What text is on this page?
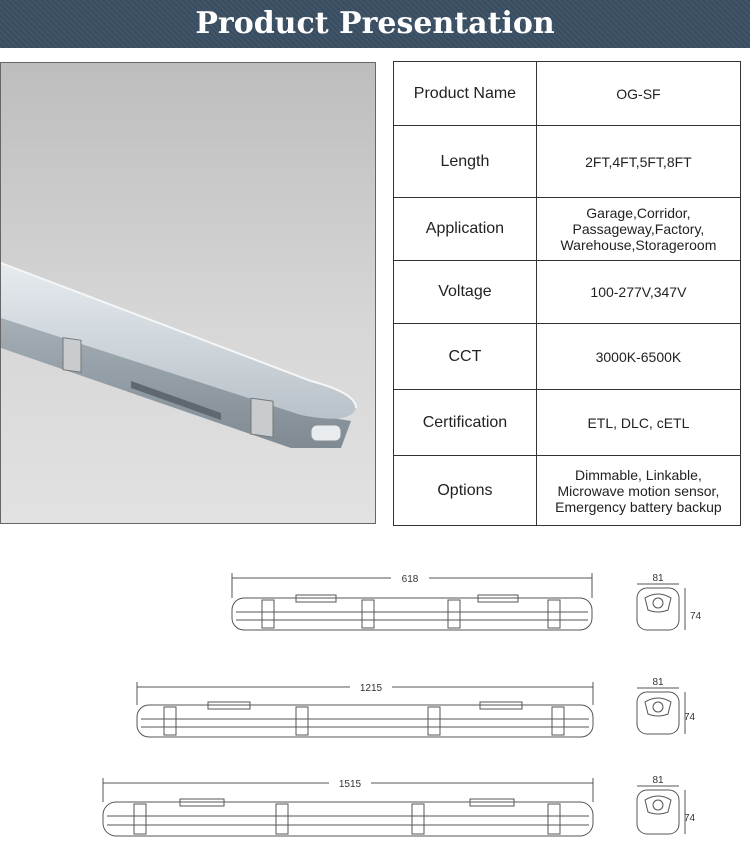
Product Presentation
Product Name	OG-SF

Length	2FT,4FT,5FT,8FT

Application	Garage,Corridor,
Passageway,Factory,
Warehouse,Storageroom

Voltage	100-277V,347V

CCT	3000K-6500K

Certification	ETL, DLC, cETL

Options	Dimmable, Linkable,
Microwave motion sensor,
Emergency battery backup
618	81
74
1215
81
74
1515	81
74
